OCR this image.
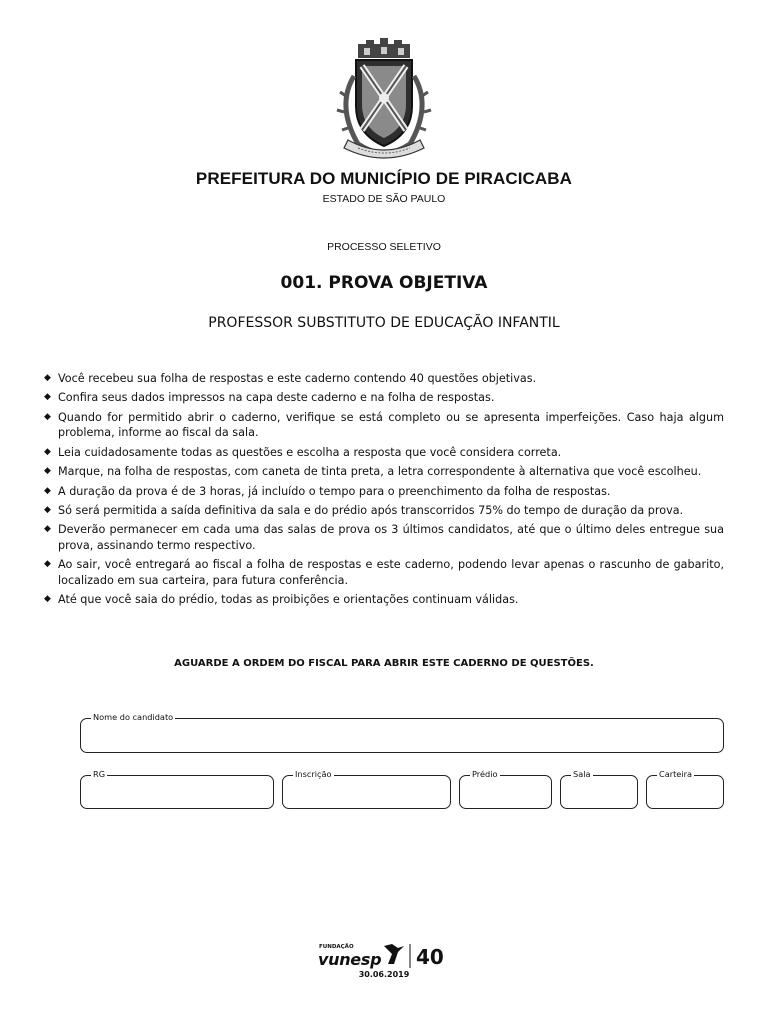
PREFEITURA DO MUNICÍPIO DE PIRACICABA
ESTADO DE SÃO PAULO
PROCESSO SELETIVO
001. PROVA OBJETIVA
PROFESSOR SUBSTITUTO DE EDUCAÇÃO INFANTIL
◆ Você recebeu sua folha de respostas e este caderno contendo 40 questões objetivas.
◆ Confira seus dados impressos na capa deste caderno e na folha de respostas.
◆ Quando for permitido abrir o caderno, verifique se está completo ou se apresenta imperfeições. Caso haja algum problema, informe ao fiscal da sala.
◆ Leia cuidadosamente todas as questões e escolha a resposta que você considera correta.
◆ Marque, na folha de respostas, com caneta de tinta preta, a letra correspondente à alternativa que você escolheu.
◆ A duração da prova é de 3 horas, já incluído o tempo para o preenchimento da folha de respostas.
◆ Só será permitida a saída definitiva da sala e do prédio após transcorridos 75% do tempo de duração da prova.
◆ Deverão permanecer em cada uma das salas de prova os 3 últimos candidatos, até que o último deles entregue sua prova, assinando termo respectivo.
◆ Ao sair, você entregará ao fiscal a folha de respostas e este caderno, podendo levar apenas o rascunho de gabarito, localizado em sua carteira, para futura conferência.
◆ Até que você saia do prédio, todas as proibições e orientações continuam válidas.
AGUARDE A ORDEM DO FISCAL PARA ABRIR ESTE CADERNO DE QUESTÕES.
Nome do candidato
RG	Inscrição	Prédio	Sala	Carteira
FUNDAÇÃO
vunesp 40
30.06.2019
